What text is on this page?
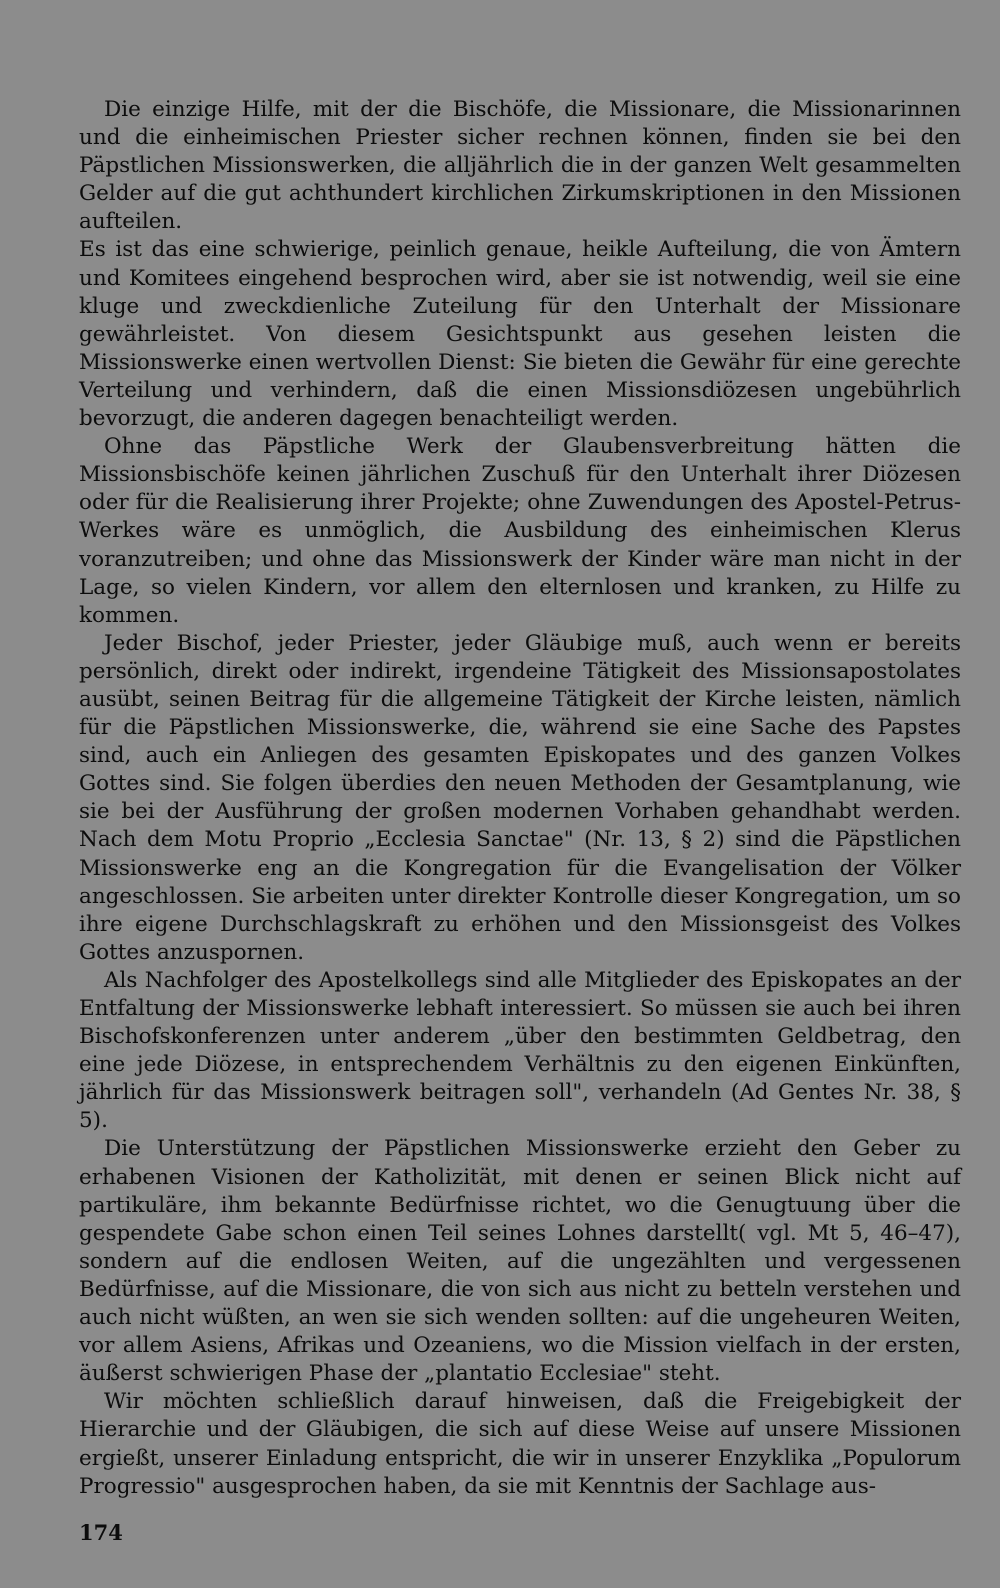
Die einzige Hilfe, mit der die Bischöfe, die Missionare, die Missionarinnen und die einheimischen Priester sicher rechnen können, finden sie bei den Päpstlichen Missionswerken, die alljährlich die in der ganzen Welt gesammelten Gelder auf die gut achthundert kirchlichen Zirkumskriptionen in den Missionen aufteilen.

Es ist das eine schwierige, peinlich genaue, heikle Aufteilung, die von Ämtern und Komitees eingehend besprochen wird, aber sie ist notwendig, weil sie eine kluge und zweckdienliche Zuteilung für den Unterhalt der Missionare gewährleistet. Von diesem Gesichtspunkt aus gesehen leisten die Missionswerke einen wertvollen Dienst: Sie bieten die Gewähr für eine gerechte Verteilung und verhindern, daß die einen Missionsdiözesen ungebührlich bevorzugt, die anderen dagegen benachteiligt werden.

Ohne das Päpstliche Werk der Glaubensverbreitung hätten die Missionsbischöfe keinen jährlichen Zuschuß für den Unterhalt ihrer Diözesen oder für die Realisierung ihrer Projekte; ohne Zuwendungen des Apostel-Petrus-Werkes wäre es unmöglich, die Ausbildung des einheimischen Klerus voranzutreiben; und ohne das Missionswerk der Kinder wäre man nicht in der Lage, so vielen Kindern, vor allem den elternlosen und kranken, zu Hilfe zu kommen.

Jeder Bischof, jeder Priester, jeder Gläubige muß, auch wenn er bereits persönlich, direkt oder indirekt, irgendeine Tätigkeit des Missionsapostolates ausübt, seinen Beitrag für die allgemeine Tätigkeit der Kirche leisten, nämlich für die Päpstlichen Missionswerke, die, während sie eine Sache des Papstes sind, auch ein Anliegen des gesamten Episkopates und des ganzen Volkes Gottes sind. Sie folgen überdies den neuen Methoden der Gesamtplanung, wie sie bei der Ausführung der großen modernen Vorhaben gehandhabt werden. Nach dem Motu Proprio „Ecclesia Sanctae" (Nr. 13, § 2) sind die Päpstlichen Missionswerke eng an die Kongregation für die Evangelisation der Völker angeschlossen. Sie arbeiten unter direkter Kontrolle dieser Kongregation, um so ihre eigene Durchschlagskraft zu erhöhen und den Missionsgeist des Volkes Gottes anzuspornen.

Als Nachfolger des Apostelkollegs sind alle Mitglieder des Episkopates an der Entfaltung der Missionswerke lebhaft interessiert. So müssen sie auch bei ihren Bischofskonferenzen unter anderem „über den bestimmten Geldbetrag, den eine jede Diözese, in entsprechendem Verhältnis zu den eigenen Einkünften, jährlich für das Missionswerk beitragen soll", verhandeln (Ad Gentes Nr. 38, § 5).

Die Unterstützung der Päpstlichen Missionswerke erzieht den Geber zu erhabenen Visionen der Katholizität, mit denen er seinen Blick nicht auf partikuläre, ihm bekannte Bedürfnisse richtet, wo die Genugtuung über die gespendete Gabe schon einen Teil seines Lohnes darstellt( vgl. Mt 5, 46–47), sondern auf die endlosen Weiten, auf die ungezählten und vergessenen Bedürfnisse, auf die Missionare, die von sich aus nicht zu betteln verstehen und auch nicht wüßten, an wen sie sich wenden sollten: auf die ungeheuren Weiten, vor allem Asiens, Afrikas und Ozeaniens, wo die Mission vielfach in der ersten, äußerst schwierigen Phase der „plantatio Ecclesiae" steht.

Wir möchten schließlich darauf hinweisen, daß die Freigebigkeit der Hierarchie und der Gläubigen, die sich auf diese Weise auf unsere Missionen ergießt, unserer Einladung entspricht, die wir in unserer Enzyklika „Populorum Progressio" ausgesprochen haben, da sie mit Kenntnis der Sachlage aus-

174
